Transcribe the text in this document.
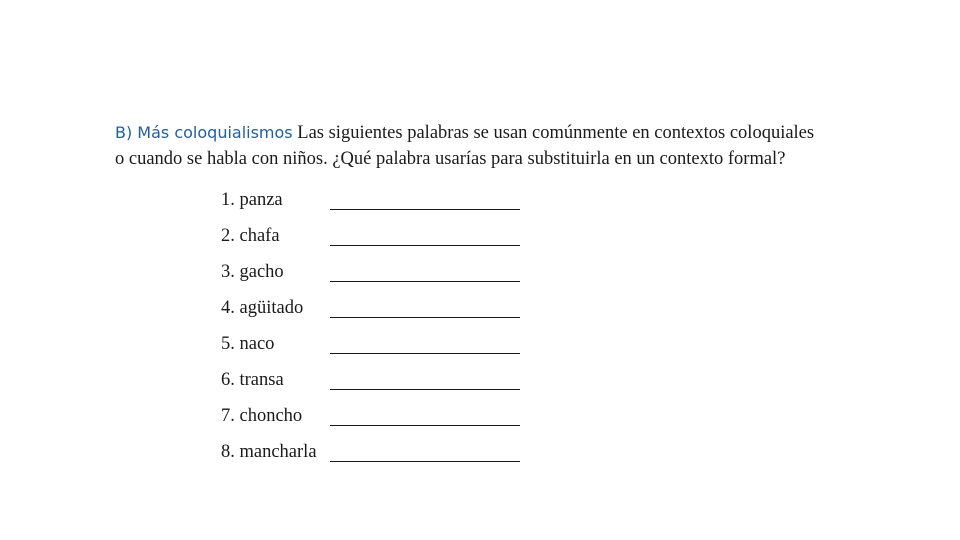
B) Más coloquialismos Las siguientes palabras se usan comúnmente en contextos coloquiales o cuando se habla con niños. ¿Qué palabra usarías para substituirla en un contexto formal?

1. panza
2. chafa
3. gacho
4. agüitado
5. naco
6. transa
7. choncho
8. mancharla
